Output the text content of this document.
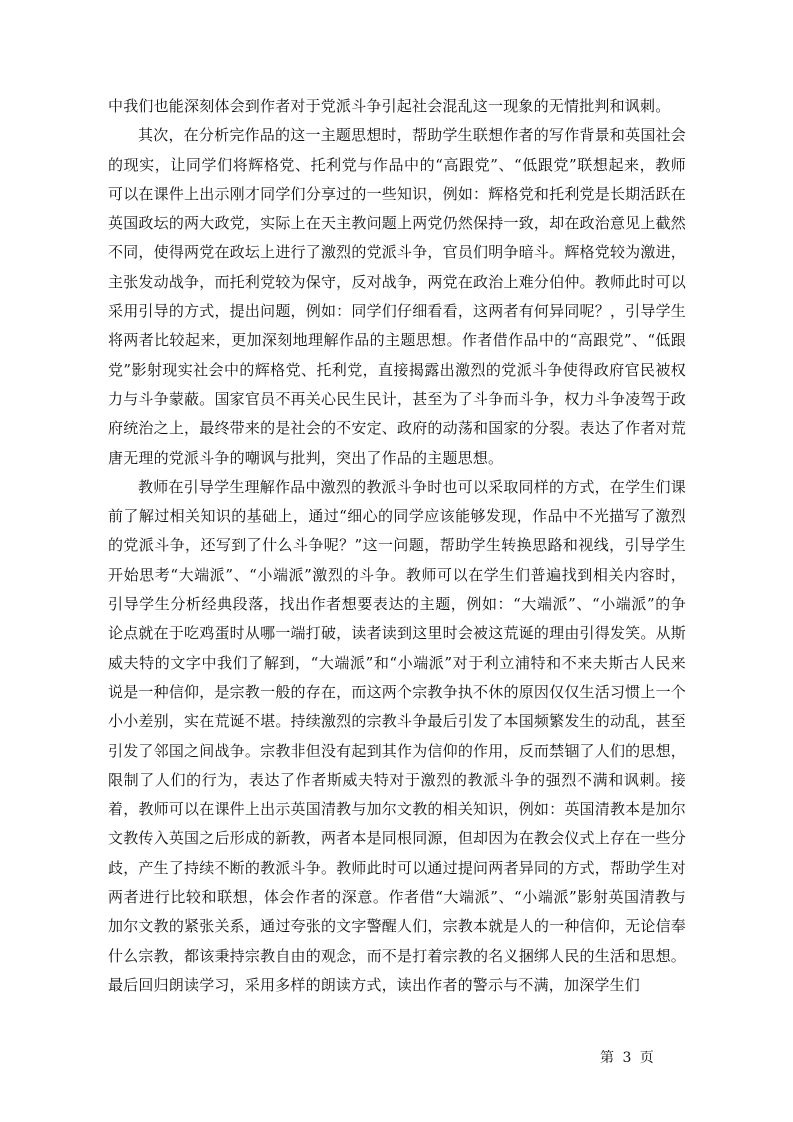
中我们也能深刻体会到作者对于党派斗争引起社会混乱这一现象的无情批判和讽刺。

其次，在分析完作品的这一主题思想时，帮助学生联想作者的写作背景和英国社会的现实，让同学们将辉格党、托利党与作品中的“高跟党”、“低跟党”联想起来，教师可以在课件上出示刚才同学们分享过的一些知识，例如：辉格党和托利党是长期活跃在英国政坛的两大政党，实际上在天主教问题上两党仍然保持一致，却在政治意见上截然不同，使得两党在政坛上进行了激烈的党派斗争，官员们明争暗斗。辉格党较为激进，主张发动战争，而托利党较为保守，反对战争，两党在政治上难分伯仲。教师此时可以采用引导的方式，提出问题，例如：同学们仔细看看，这两者有何异同呢？，引导学生将两者比较起来，更加深刻地理解作品的主题思想。作者借作品中的“高跟党”、“低跟党”影射现实社会中的辉格党、托利党，直接揭露出激烈的党派斗争使得政府官民被权力与斗争蒙蔽。国家官员不再关心民生民计，甚至为了斗争而斗争，权力斗争凌驾于政府统治之上，最终带来的是社会的不安定、政府的动荡和国家的分裂。表达了作者对荒唐无理的党派斗争的嘲讽与批判，突出了作品的主题思想。

教师在引导学生理解作品中激烈的教派斗争时也可以采取同样的方式，在学生们课前了解过相关知识的基础上，通过“细心的同学应该能够发现，作品中不光描写了激烈的党派斗争，还写到了什么斗争呢？”这一问题，帮助学生转换思路和视线，引导学生开始思考“大端派”、“小端派”激烈的斗争。教师可以在学生们普遍找到相关内容时，引导学生分析经典段落，找出作者想要表达的主题，例如：“大端派”、“小端派”的争论点就在于吃鸡蛋时从哪一端打破，读者读到这里时会被这荒诞的理由引得发笑。从斯威夫特的文字中我们了解到，“大端派”和“小端派”对于利立浦特和不来夫斯古人民来说是一种信仰，是宗教一般的存在，而这两个宗教争执不休的原因仅仅生活习惯上一个小小差别，实在荒诞不堪。持续激烈的宗教斗争最后引发了本国频繁发生的动乱，甚至引发了邻国之间战争。宗教非但没有起到其作为信仰的作用，反而禁锢了人们的思想，限制了人们的行为，表达了作者斯威夫特对于激烈的教派斗争的强烈不满和讽刺。接着，教师可以在课件上出示英国清教与加尔文教的相关知识，例如：英国清教本是加尔文教传入英国之后形成的新教，两者本是同根同源，但却因为在教会仪式上存在一些分歧，产生了持续不断的教派斗争。教师此时可以通过提问两者异同的方式，帮助学生对两者进行比较和联想，体会作者的深意。作者借“大端派”、“小端派”影射英国清教与加尔文教的紧张关系，通过夸张的文字警醒人们，宗教本就是人的一种信仰，无论信奉什么宗教，都该秉持宗教自由的观念，而不是打着宗教的名义捆绑人民的生活和思想。最后回归朗读学习，采用多样的朗读方式，读出作者的警示与不满，加深学生们

第 3 页
